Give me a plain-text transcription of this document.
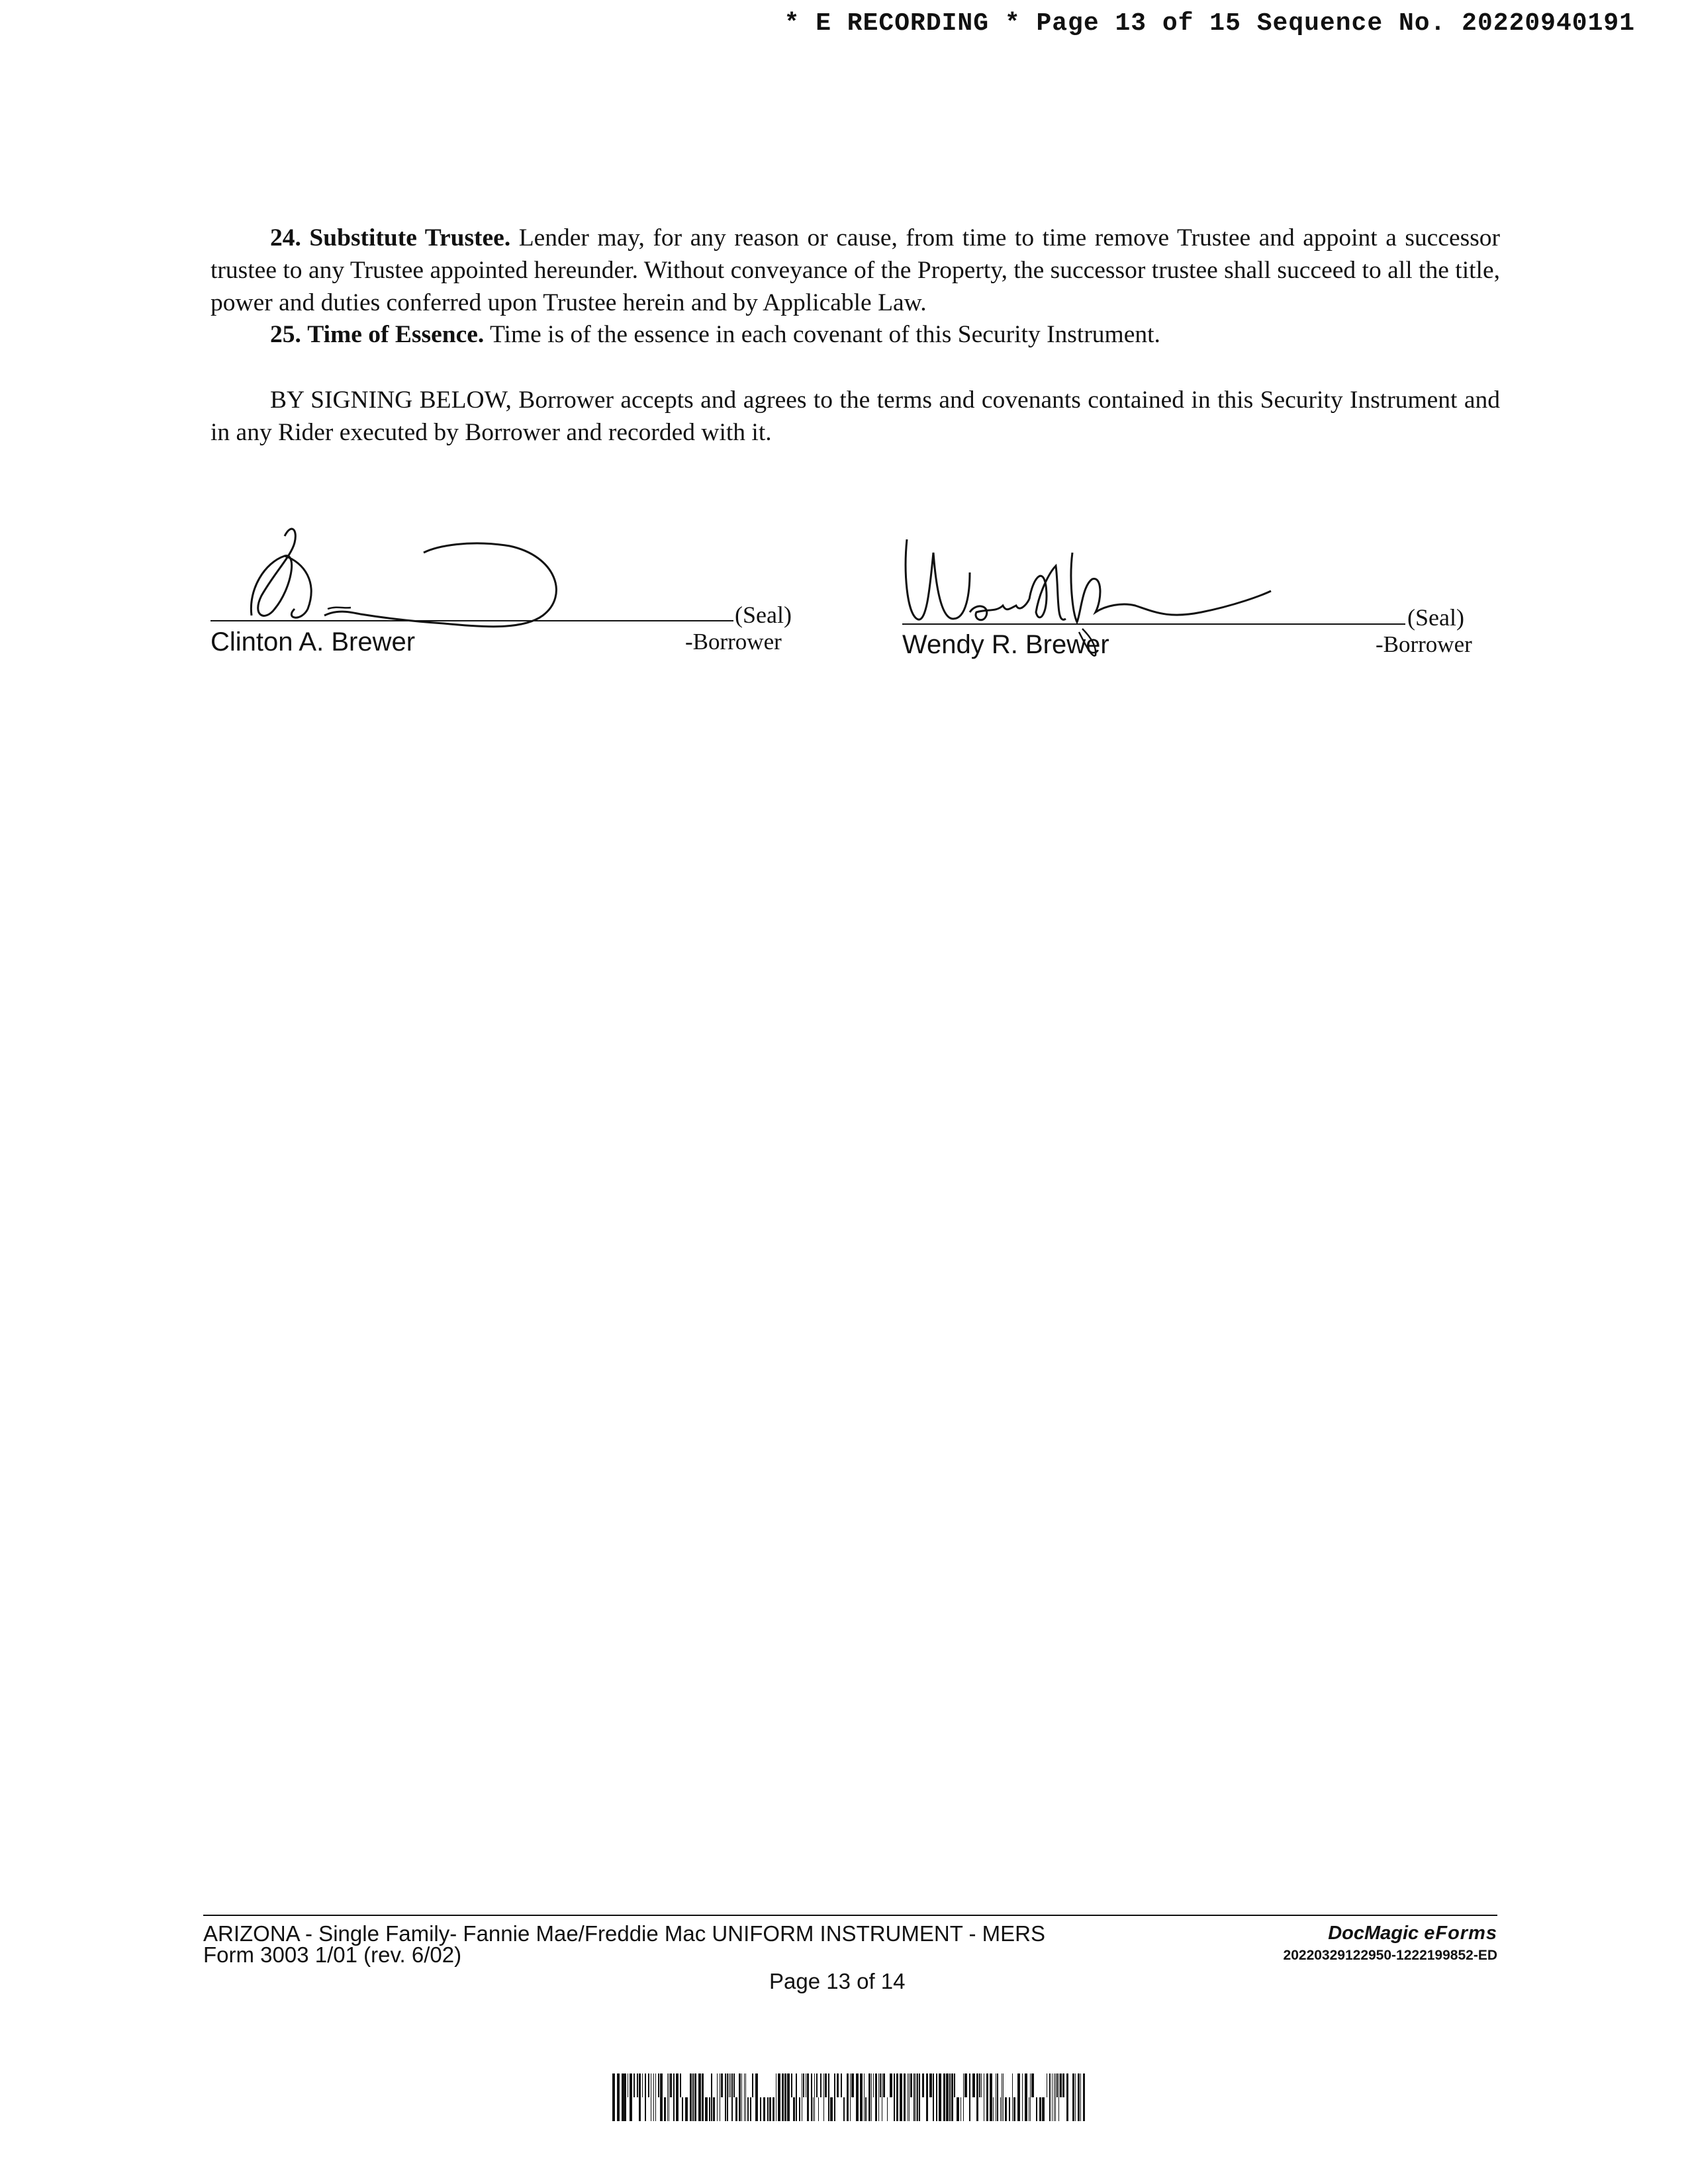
* E RECORDING * Page 13 of 15 Sequence No. 20220940191
24. Substitute Trustee. Lender may, for any reason or cause, from time to time remove Trustee and appoint a successor trustee to any Trustee appointed hereunder. Without conveyance of the Property, the successor trustee shall succeed to all the title, power and duties conferred upon Trustee herein and by Applicable Law.
25. Time of Essence. Time is of the essence in each covenant of this Security Instrument.
BY SIGNING BELOW, Borrower accepts and agrees to the terms and covenants contained in this Security Instrument and in any Rider executed by Borrower and recorded with it.
(Seal)
Clinton A. Brewer	-Borrower
(Seal)
Wendy R. Brewer	-Borrower
ARIZONA - Single Family- Fannie Mae/Freddie Mac UNIFORM INSTRUMENT - MERS
Form 3003 1/01 (rev. 6/02)
Page 13 of 14
DocMagic eForms
20220329122950-1222199852-ED
